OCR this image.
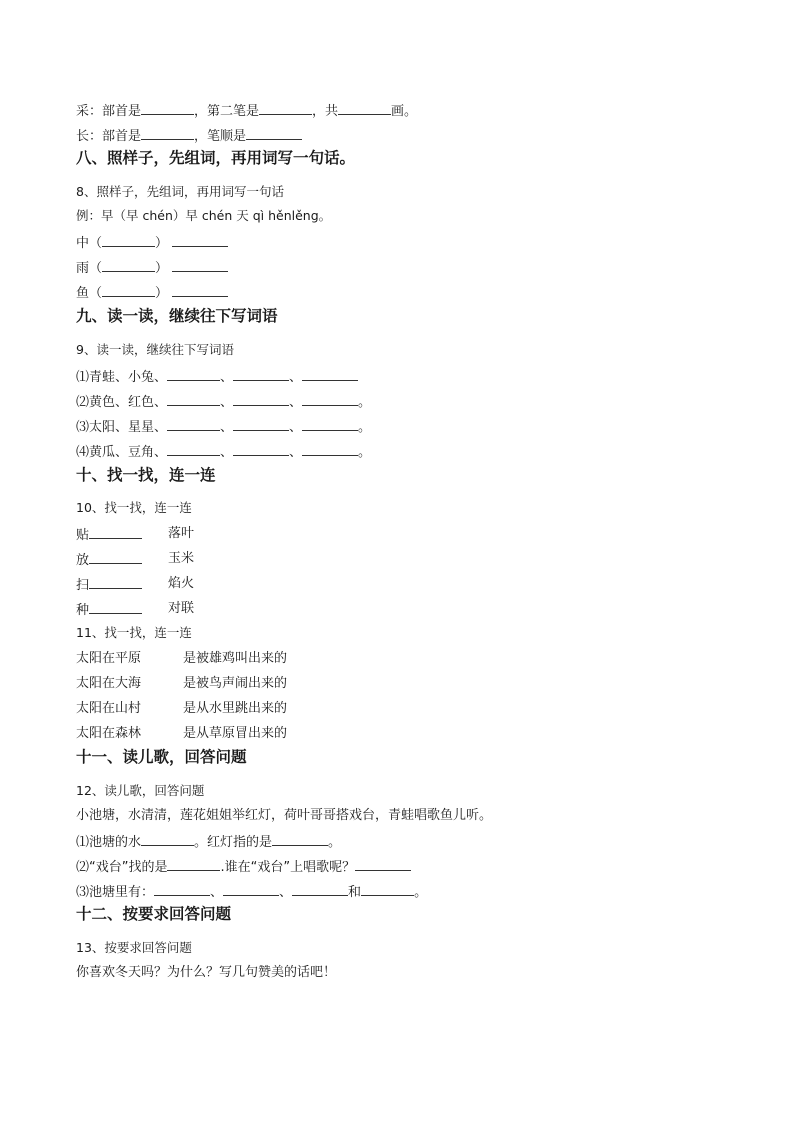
采：部首是	，第二笔是	，共	画。
长：部首是	，笔顺是
八、照样子，先组词，再用词写一句话。
8、照样子，先组词，再用词写一句话
例：早（早 chén）早 chén 天 qì hěnlěng。
中（	）
雨（	）
鱼（	）
九、读一读，继续往下写词语
9、读一读，继续往下写词语
⑴青蛙、小兔、	、	、
⑵黄色、红色、	、	、	。
⑶太阳、星星、	、	、	。
⑷黄瓜、豆角、	、	、	。
十、找一找，连一连
10、找一找，连一连
贴	落叶
放	玉米
扫	焰火
种	对联
11、找一找，连一连
太阳在平原	是被雄鸡叫出来的
太阳在大海	是被鸟声闹出来的
太阳在山村	是从水里跳出来的
太阳在森林	是从草原冒出来的
十一、读儿歌，回答问题
12、读儿歌，回答问题
小池塘，水清清，莲花姐姐举红灯，荷叶哥哥搭戏台，青蛙唱歌鱼儿听。
⑴池塘的水	。红灯指的是	。
⑵“戏台”找的是	.谁在“戏台”上唱歌呢？
⑶池塘里有：	、	、	和	。
十二、按要求回答问题
13、按要求回答问题
你喜欢冬天吗？为什么？写几句赞美的话吧！
